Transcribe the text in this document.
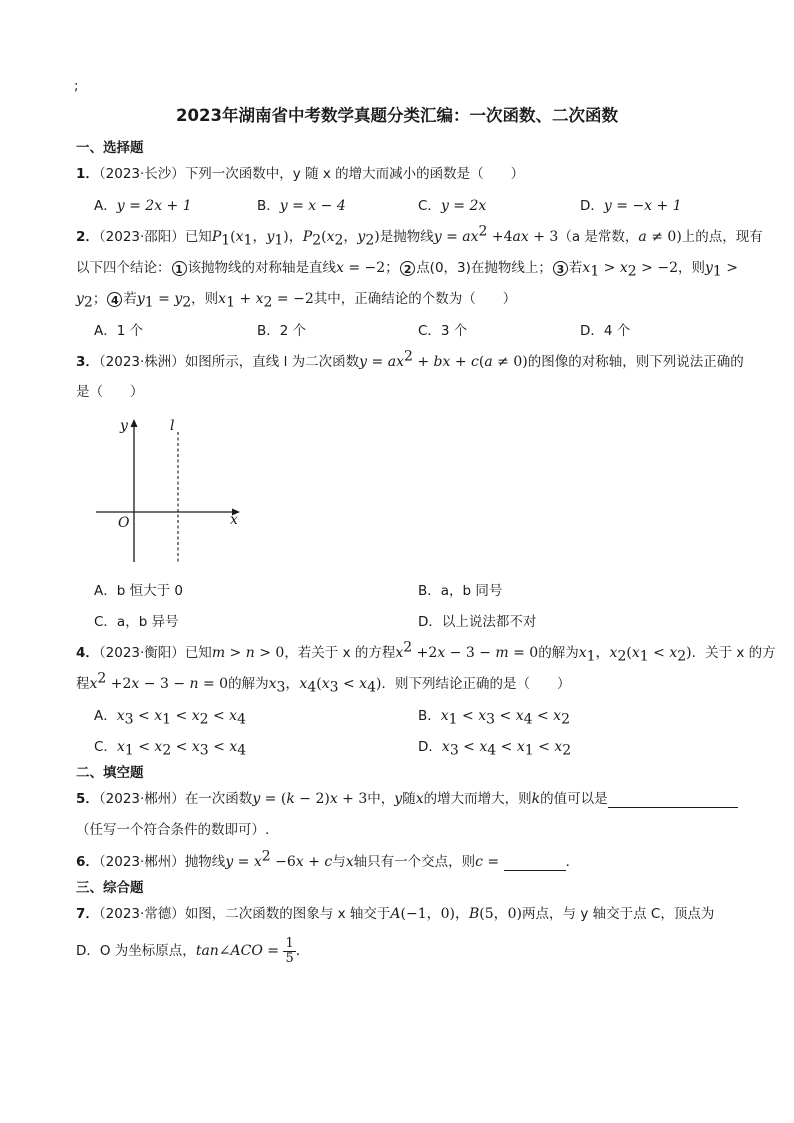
;
2023年湖南省中考数学真题分类汇编：一次函数、二次函数
一、选择题
1．（2023·长沙）下列一次函数中，y 随 x 的增大而减小的函数是（　　）
A．y = 2x + 1	B．y = x − 4	C．y = 2x	D．y = −x + 1
2．（2023·邵阳）已知$P_1(x_1$，$y_1$)，$P_2(x_2$，$y_2$)是抛物线$y = ax^2 +4ax + 3(a$ 是常数，a ≠ 0)上的点，现有
以下四个结论： 1 该抛物线的对称轴是直线x = −2； 2 点(0，3)在抛物线上； 3 若$x_1 > x_2 > -2$，则$y_1$ >
$y_2$； 4 若$y_1 = y_2$，则$x_1 + x_2 = -2$其中，正确结论的个数为（　　）
A．1 个	B．2 个	C．3 个	D．4 个
3．（2023·株洲）如图所示，直线 l 为二次函数$y = ax^2$ + bx + c(a ≠ 0)的图像的对称轴，则下列说法正确的
是（　　）
y	l
x
O
A．b 恒大于 0	B．a，b 同号
C．a，b 异号	D．以上说法都不对
4．（2023·衡阳）已知m > n > 0，若关于 x 的方程$x^2 +2x - 3 - m = 0$的解为$x_1$，$x_2(x_1 < x_2)$．关于 x 的方
程$x^2 +2x - 3 - n = 0$的解为$x_3$，$x_4(x_3 < x_4)$．则下列结论正确的是（　　）
A．$x_3 < x_1 < x_2 < x_4$	B．$x_1 < x_3 < x_4 < x_2$
C．$x_1 < x_2 < x_3 < x_4$	D．$x_3 < x_4 < x_1 < x_2$
二、填空题
5．（2023·郴州）在一次函数y = (k − 2)x + 3中，y随x的增大而增大，则k的值可以是
（任写一个符合条件的数即可）.
6．（2023·郴州）抛物线$y = x^2 -6x + c$与x轴只有一个交点，则c =	．
三、综合题
7．（2023·常德）如图，二次函数的图象与 x 轴交于A(−1，0)，B(5，0)两点，与 y 轴交于点 C，顶点为
D．O 为坐标原点，tan∠ACO = $\frac{1}{5}$ .
